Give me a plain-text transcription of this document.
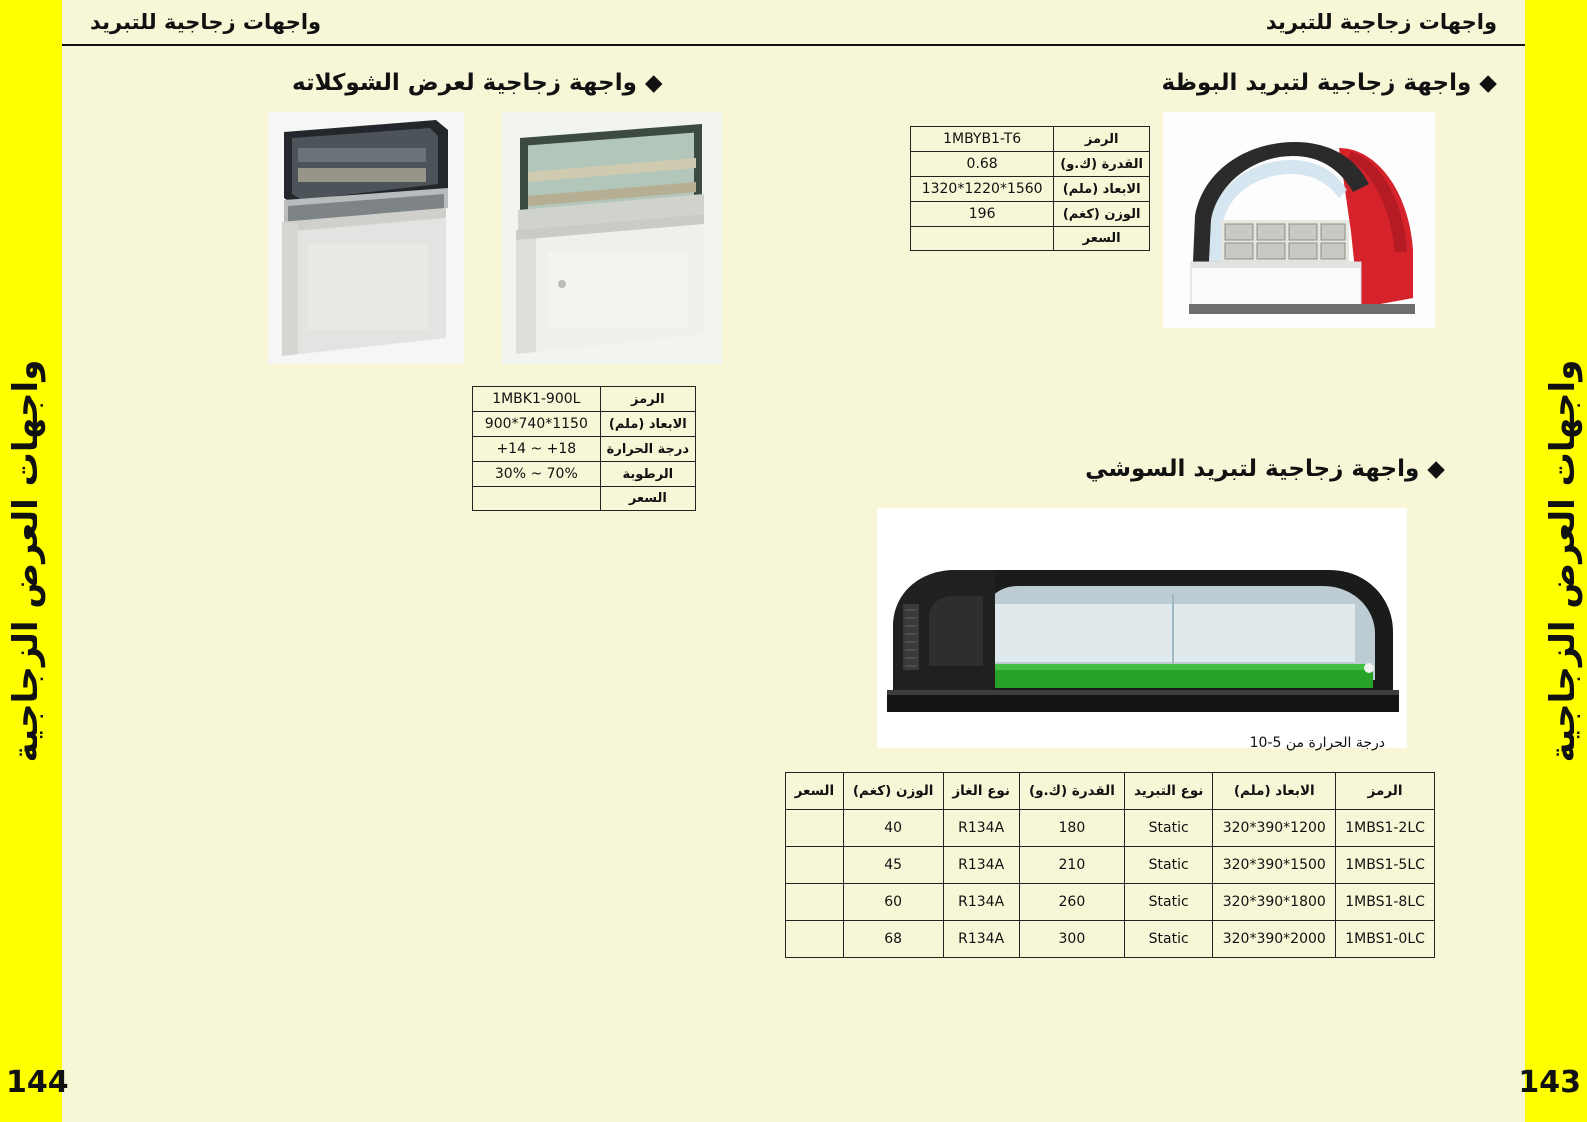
واجهات زجاجية للتبريد
واجهات زجاجية للتبريد
◆ واجهة زجاجية لتبريد البوظة
الرمز	1MBYB1-T6
القدرة (ك.و)	0.68
الابعاد (ملم)	1320*1220*1560
الوزن (كغم)	196
السعر	
◆ واجهة زجاجية لتبريد السوشي
درجة الحرارة من 5-10
الرمز	الابعاد (ملم)	نوع التبريد	القدرة (ك.و)	نوع الغاز	الوزن (كغم)	السعر
1MBS1-2LC	1200*390*320	Static	180	R134A	40	
1MBS1-5LC	1500*390*320	Static	210	R134A	45	
1MBS1-8LC	1800*390*320	Static	260	R134A	60	
1MBS1-0LC	2000*390*320	Static	300	R134A	68	
◆ واجهة زجاجية لعرض الشوكلاته
الرمز	1MBK1-900L
الابعاد (ملم)	900*740*1150
درجة الحرارة	+14 ~ +18
الرطوبة	30% ~ 70%
السعر		واجهات العرض الزجاجية
واجهات العرض الزجاجية
143
144
